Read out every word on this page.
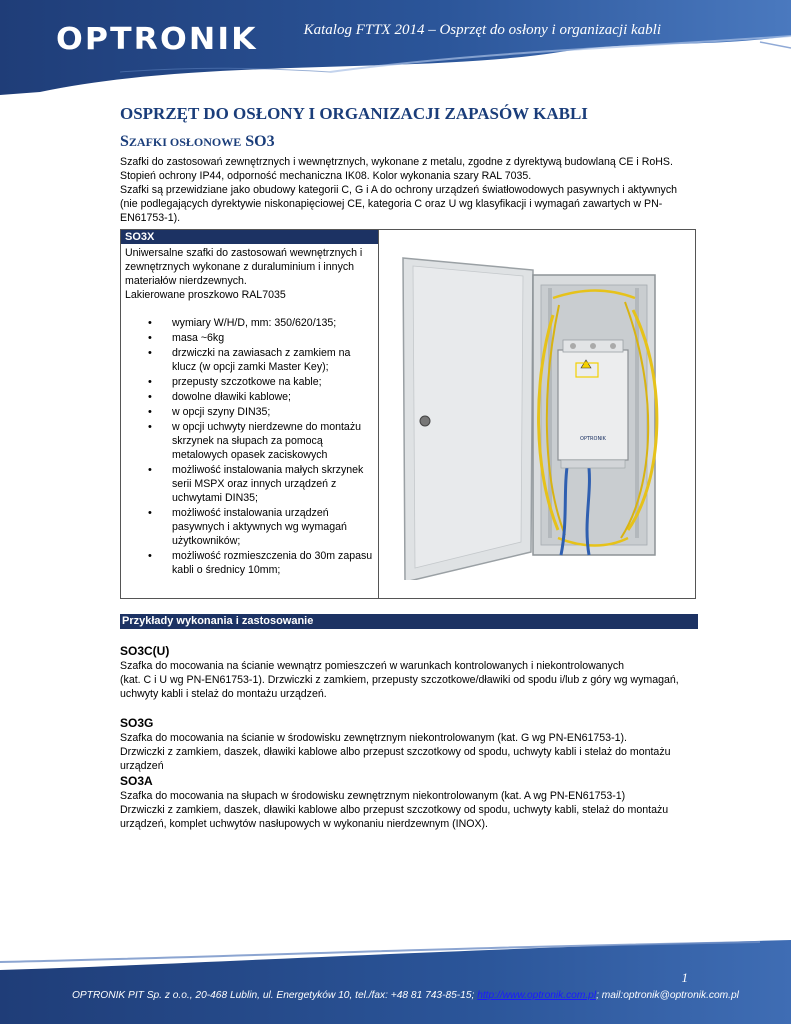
OPTRONIK	Katalog FTTX 2014 – Osprzęt do osłony i organizacji kabli
OSPRZĘT DO OSŁONY I ORGANIZACJI ZAPASÓW KABLI
SZAFKI OSŁONOWE SO3

Szafki do zastosowań zewnętrznych i wewnętrznych, wykonane z metalu, zgodne z dyrektywą budowlaną CE i RoHS. Stopień ochrony IP44, odporność mechaniczna IK08. Kolor wykonania szary RAL 7035.

Szafki są przewidziane jako obudowy kategorii C, G i A do ochrony urządzeń światłowodowych pasywnych i aktywnych (nie podlegających dyrektywie niskonapięciowej CE, kategoria C oraz U wg klasyfikacji i wymagań zawartych w PN-EN61753-1).

SO3X

Uniwersalne szafki do zastosowań wewnętrznych i zewnętrznych wykonane z duraluminium i innych materiałów nierdzewnych.

Lakierowane proszkowo RAL7035

• wymiary W/H/D, mm: 350/620/135;
• masa ~6kg
• drzwiczki na zawiasach z zamkiem na klucz (w opcji zamki Master Key);
• przepusty szczotkowe na kable;
• dowolne dławiki kablowe;
• w opcji szyny DIN35;
• w opcji uchwyty nierdzewne do montażu skrzynek na słupach za pomocą metalowych opasek zaciskowych
• możliwość instalowania małych skrzynek serii MSPX oraz innych urządzeń z uchwytami DIN35;
• możliwość instalowania urządzeń pasywnych i aktywnych wg wymagań użytkowników;
• możliwość rozmieszczenia do 30m zapasu kabli o średnicy 10mm;
OPTRONIK
Przykłady wykonania i zastosowanie
SO3C(U)

Szafka do mocowania na ścianie wewnątrz pomieszczeń w warunkach kontrolowanych i niekontrolowanych

(kat. C i U wg PN-EN61753-1). Drzwiczki z zamkiem, przepusty szczotkowe/dławiki od spodu i/lub z góry wg wymagań, uchwyty kabli i stelaż do montażu urządzeń.

SO3G

Szafka do mocowania na ścianie w środowisku zewnętrznym niekontrolowanym (kat. G wg PN-EN61753-1).

Drzwiczki z zamkiem, daszek, dławiki kablowe albo przepust szczotkowy od spodu, uchwyty kabli i stelaż do montażu urządzeń

SO3A

Szafka do mocowania na słupach w środowisku zewnętrznym niekontrolowanym (kat. A wg PN-EN61753-1)

Drzwiczki z zamkiem, daszek, dławiki kablowe albo przepust szczotkowy od spodu, uchwyty kabli, stelaż do montażu urządzeń, komplet uchwytów nasłupowych w wykonaniu nierdzewnym (INOX).

1
OPTRONIK PIT Sp. z o.o., 20-468 Lublin, ul. Energetyków 10, tel./fax: +48 81 743-85-15; http://www.optronik.com.pl; mail:optronik@optronik.com.pl
